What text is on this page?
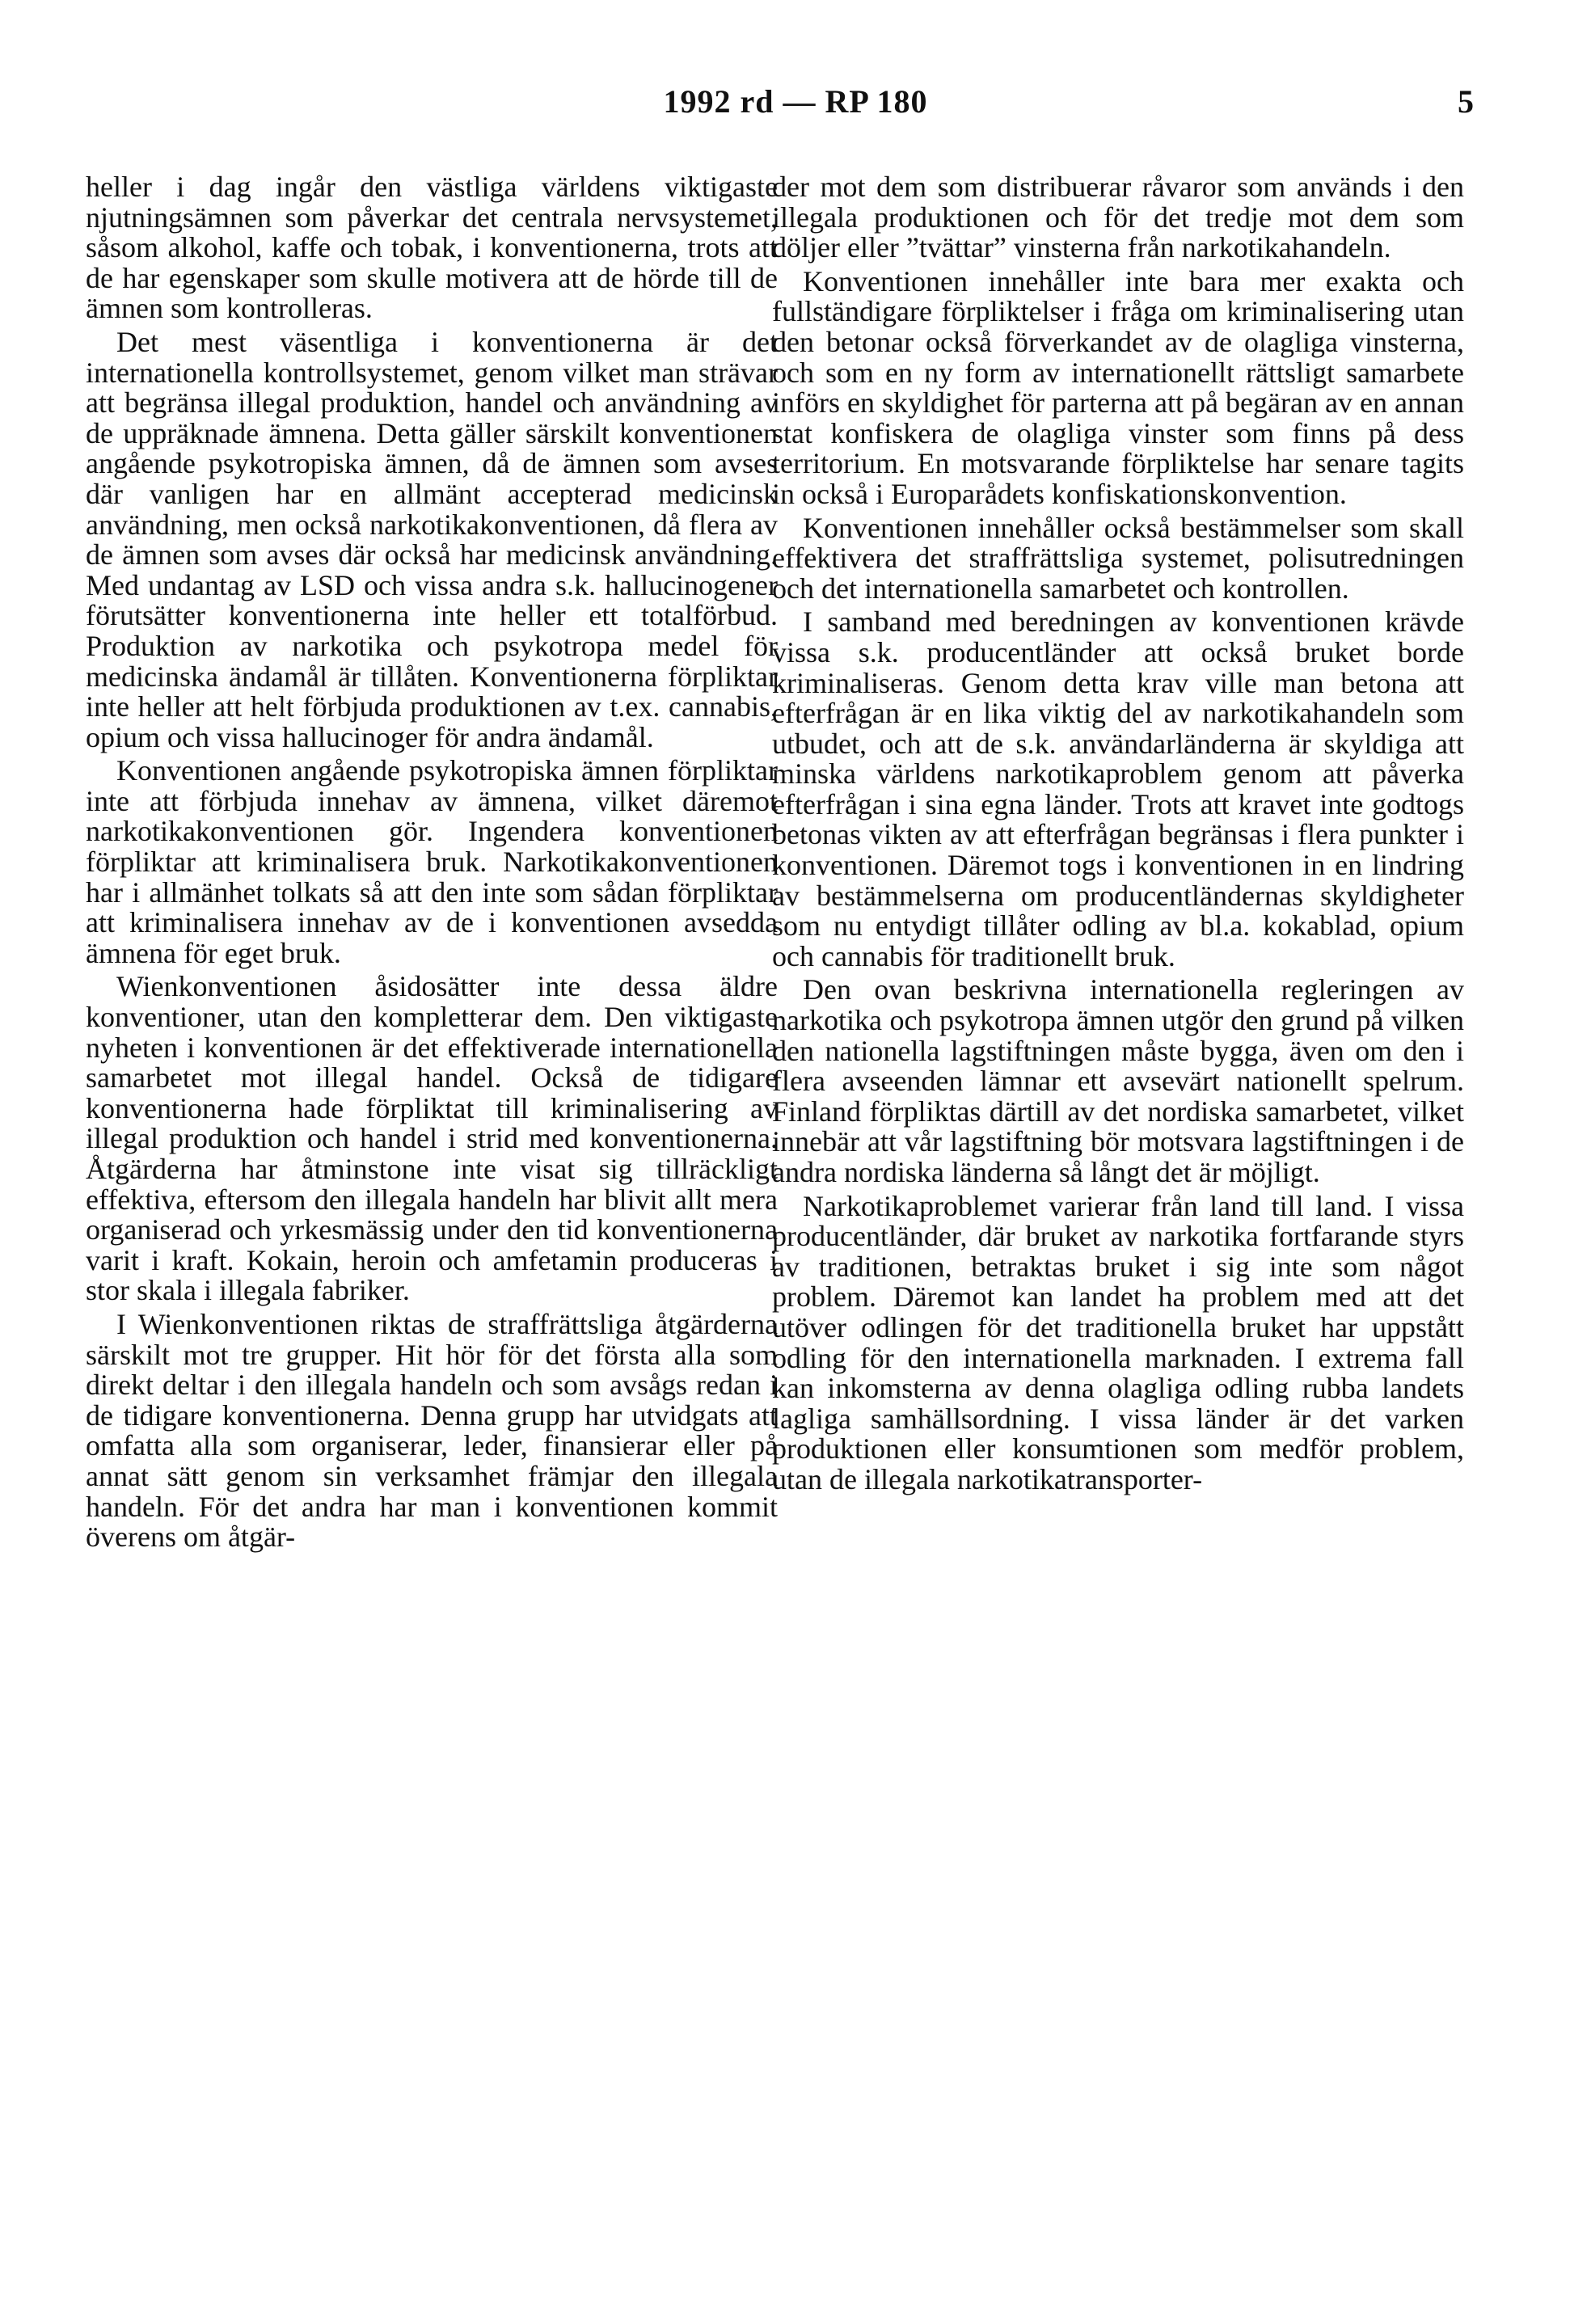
1992 rd — RP 180	5

heller i dag ingår den västliga världens viktigaste njutningsämnen som påverkar det centrala nervsystemet, såsom alkohol, kaffe och tobak, i konventionerna, trots att de har egenskaper som skulle motivera att de hörde till de ämnen som kontrolleras.

Det mest väsentliga i konventionerna är det internationella kontrollsystemet, genom vilket man strävar att begränsa illegal produktion, handel och användning av de uppräknade ämnena. Detta gäller särskilt konventionen angående psykotropiska ämnen, då de ämnen som avses där vanligen har en allmänt accepterad medicinsk användning, men också narkotikakonventionen, då flera av de ämnen som avses där också har medicinsk användning. Med undantag av LSD och vissa andra s.k. hallucinogener förutsätter konventionerna inte heller ett totalförbud. Produktion av narkotika och psykotropa medel för medicinska ändamål är tillåten. Konventionerna förpliktar inte heller att helt förbjuda produktionen av t.ex. cannabis, opium och vissa hallucinoger för andra ändamål.

Konventionen angående psykotropiska ämnen förpliktar inte att förbjuda innehav av ämnena, vilket däremot narkotikakonventionen gör. Ingendera konventionen förpliktar att kriminalisera bruk. Narkotikakonventionen har i allmänhet tolkats så att den inte som sådan förpliktar att kriminalisera innehav av de i konventionen avsedda ämnena för eget bruk.

Wienkonventionen åsidosätter inte dessa äldre konventioner, utan den kompletterar dem. Den viktigaste nyheten i konventionen är det effektiverade internationella samarbetet mot illegal handel. Också de tidigare konventionerna hade förpliktat till kriminalisering av illegal produktion och handel i strid med konventionerna. Åtgärderna har åtminstone inte visat sig tillräckligt effektiva, eftersom den illegala handeln har blivit allt mera organiserad och yrkesmässig under den tid konventionerna varit i kraft. Kokain, heroin och amfetamin produceras i stor skala i illegala fabriker.

I Wienkonventionen riktas de straffrättsliga åtgärderna särskilt mot tre grupper. Hit hör för det första alla som direkt deltar i den illegala handeln och som avsågs redan i de tidigare konventionerna. Denna grupp har utvidgats att omfatta alla som organiserar, leder, finansierar eller på annat sätt genom sin verksamhet främjar den illegala handeln. För det andra har man i konventionen kommit överens om åtgär-

der mot dem som distribuerar råvaror som används i den illegala produktionen och för det tredje mot dem som döljer eller ”tvättar” vinsterna från narkotikahandeln.

Konventionen innehåller inte bara mer exakta och fullständigare förpliktelser i fråga om kriminalisering utan den betonar också förverkandet av de olagliga vinsterna, och som en ny form av internationellt rättsligt samarbete införs en skyldighet för parterna att på begäran av en annan stat konfiskera de olagliga vinster som finns på dess territorium. En motsvarande förpliktelse har senare tagits in också i Europarådets konfiskationskonvention.

Konventionen innehåller också bestämmelser som skall effektivera det straffrättsliga systemet, polisutredningen och det internationella samarbetet och kontrollen.

I samband med beredningen av konventionen krävde vissa s.k. producentländer att också bruket borde kriminaliseras. Genom detta krav ville man betona att efterfrågan är en lika viktig del av narkotikahandeln som utbudet, och att de s.k. användarländerna är skyldiga att minska världens narkotikaproblem genom att påverka efterfrågan i sina egna länder. Trots att kravet inte godtogs betonas vikten av att efterfrågan begränsas i flera punkter i konventionen. Däremot togs i konventionen in en lindring av bestämmelserna om producentländernas skyldigheter som nu entydigt tillåter odling av bl.a. kokablad, opium och cannabis för traditionellt bruk.

Den ovan beskrivna internationella regleringen av narkotika och psykotropa ämnen utgör den grund på vilken den nationella lagstiftningen måste bygga, även om den i flera avseenden lämnar ett avsevärt nationellt spelrum. Finland förpliktas därtill av det nordiska samarbetet, vilket innebär att vår lagstiftning bör motsvara lagstiftningen i de andra nordiska länderna så långt det är möjligt.

Narkotikaproblemet varierar från land till land. I vissa producentländer, där bruket av narkotika fortfarande styrs av traditionen, betraktas bruket i sig inte som något problem. Däremot kan landet ha problem med att det utöver odlingen för det traditionella bruket har uppstått odling för den internationella marknaden. I extrema fall kan inkomsterna av denna olagliga odling rubba landets lagliga samhällsordning. I vissa länder är det varken produktionen eller konsumtionen som medför problem, utan de illegala narkotikatransporter-
